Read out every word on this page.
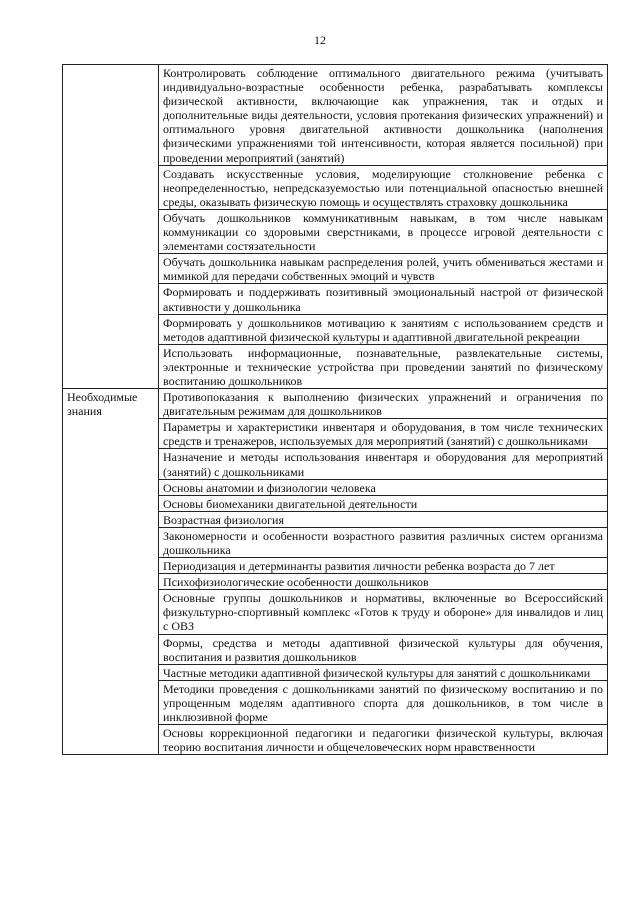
12
	Контролировать соблюдение оптимального двигательного режима (учитывать индивидуально-возрастные особенности ребенка, разрабатывать комплексы физической активности, включающие как упражнения, так и отдых и дополнительные виды деятельности, условия протекания физических упражнений) и оптимального уровня двигательной активности дошкольника (наполнения физическими упражнениями той интенсивности, которая является посильной) при проведении мероприятий (занятий)
	Создавать искусственные условия, моделирующие столкновение ребенка с неопределенностью, непредсказуемостью или потенциальной опасностью внешней среды, оказывать физическую помощь и осуществлять страховку дошкольника
	Обучать дошкольников коммуникативным навыкам, в том числе навыкам коммуникации со здоровыми сверстниками, в процессе игровой деятельности с элементами состязательности
	Обучать дошкольника навыкам распределения ролей, учить обмениваться жестами и мимикой для передачи собственных эмоций и чувств
	Формировать и поддерживать позитивный эмоциональный настрой от физической активности у дошкольника
	Формировать у дошкольников мотивацию к занятиям с использованием средств и методов адаптивной физической культуры и адаптивной двигательной рекреации
	Использовать информационные, познавательные, развлекательные системы, электронные и технические устройства при проведении занятий по физическому воспитанию дошкольников
Необходимые знания	Противопоказания к выполнению физических упражнений и ограничения по двигательным режимам для дошкольников
	Параметры и характеристики инвентаря и оборудования, в том числе технических средств и тренажеров, используемых для мероприятий (занятий) с дошкольниками
	Назначение и методы использования инвентаря и оборудования для мероприятий (занятий) с дошкольниками
	Основы анатомии и физиологии человека
	Основы биомеханики двигательной деятельности
	Возрастная физиология
	Закономерности и особенности возрастного развития различных систем организма дошкольника
	Периодизация и детерминанты развития личности ребенка возраста до 7 лет
	Психофизиологические особенности дошкольников
	Основные группы дошкольников и нормативы, включенные во Всероссийский физкультурно-спортивный комплекс «Готов к труду и обороне» для инвалидов и лиц с ОВЗ
	Формы, средства и методы адаптивной физической культуры для обучения, воспитания и развития дошкольников
	Частные методики адаптивной физической культуры для занятий с дошкольниками
	Методики проведения с дошкольниками занятий по физическому воспитанию и по упрощенным моделям адаптивного спорта для дошкольников, в том числе в инклюзивной форме
	Основы коррекционной педагогики и педагогики физической культуры, включая теорию воспитания личности и общечеловеческих норм нравственности
